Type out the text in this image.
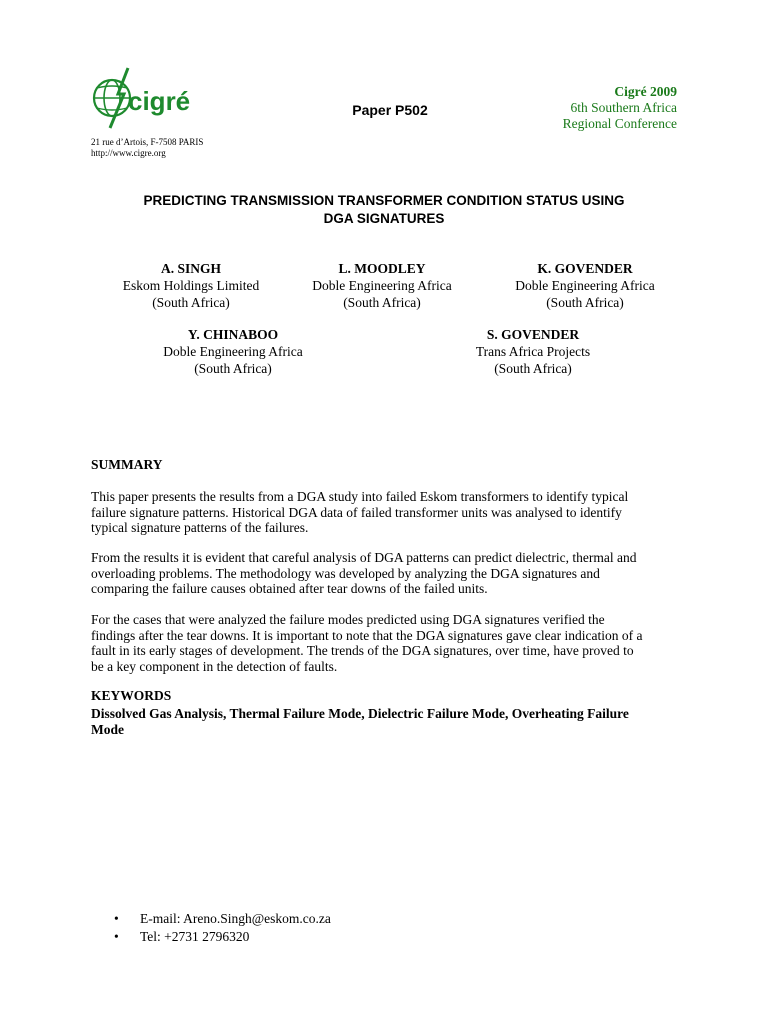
cigré
21 rue d’Artois, F-7508 PARIS
http://www.cigre.org
Paper P502
Cigré 2009
6th Southern Africa
Regional Conference
PREDICTING TRANSMISSION TRANSFORMER CONDITION STATUS USING
DGA SIGNATURES
A. SINGH
Eskom Holdings Limited
(South Africa)
L. MOODLEY
Doble Engineering Africa
(South Africa)
K. GOVENDER
Doble Engineering Africa
(South Africa)
Y. CHINABOO
Doble Engineering Africa
(South Africa)
S. GOVENDER
Trans Africa Projects
(South Africa)
SUMMARY
This paper presents the results from a DGA study into failed Eskom transformers to identify typical
failure signature patterns. Historical DGA data of failed transformer units was analysed to identify
typical signature patterns of the failures.
From the results it is evident that careful analysis of DGA patterns can predict dielectric, thermal and
overloading problems. The methodology was developed by analyzing the DGA signatures and
comparing the failure causes obtained after tear downs of the failed units.
For the cases that were analyzed the failure modes predicted using DGA signatures verified the
findings after the tear downs. It is important to note that the DGA signatures gave clear indication of a
fault in its early stages of development. The trends of the DGA signatures, over time, have proved to
be a key component in the detection of faults.
KEYWORDS
Dissolved Gas Analysis, Thermal Failure Mode, Dielectric Failure Mode, Overheating Failure
Mode
• E-mail: Areno.Singh@eskom.co.za
• Tel: +2731 2796320
